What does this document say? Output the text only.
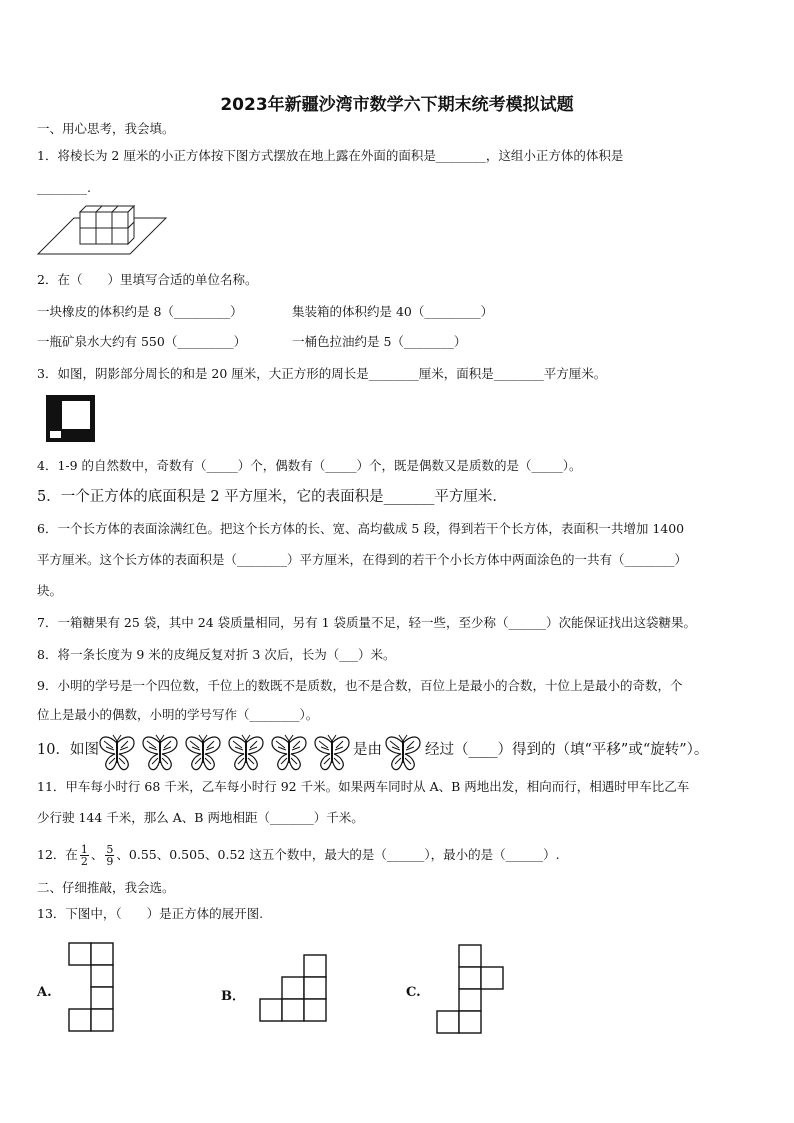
2023年新疆沙湾市数学六下期末统考模拟试题
一、用心思考，我会填。
1．将棱长为 2 厘米的小正方体按下图方式摆放在地上露在外面的面积是________，这组小正方体的体积是
________.
2．在（　　）里填写合适的单位名称。
一块橡皮的体积约是 8（_________）	集装箱的体积约是 40（_________）
一瓶矿泉水大约有 550（_________）	一桶色拉油约是 5（________）
3．如图，阴影部分周长的和是 20 厘米，大正方形的周长是________厘米，面积是________平方厘米。
4．1-9 的自然数中，奇数有（_____）个，偶数有（_____）个，既是偶数又是质数的是（_____）。
5．一个正方体的底面积是 2 平方厘米，它的表面积是_______平方厘米．
6．一个长方体的表面涂满红色。把这个长方体的长、宽、高均截成 5 段，得到若干个长方体，表面积一共增加 1400
平方厘米。这个长方体的表面积是（________）平方厘米，在得到的若干个小长方体中两面涂色的一共有（________）
块。
7．一箱糖果有 25 袋，其中 24 袋质量相同，另有 1 袋质量不足，轻一些，至少称（______）次能保证找出这袋糖果。
8．将一条长度为 9 米的皮绳反复对折 3 次后，长为（___）米。
9．小明的学号是一个四位数，千位上的数既不是质数，也不是合数，百位上是最小的合数，十位上是最小的奇数，个
位上是最小的偶数，小明的学号写作（________）。
10．如图	是由	经过（____）得到的（填“平移”或“旋转”）。
11．甲车每小时行 68 千米，乙车每小时行 92 千米。如果两车同时从 A、B 两地出发，相向而行，相遇时甲车比乙车
少行驶 144 千米，那么 A、B 两地相距（_______）千米。
12．在 $\frac{1}{2}$ 、 $\frac{5}{9}$ 、0.55、0.505、0.52 这五个数中，最大的是（______），最小的是（______）.
二、仔细推敲，我会选。
13．下图中，（　　）是正方体的展开图.
A.	B．	C.
